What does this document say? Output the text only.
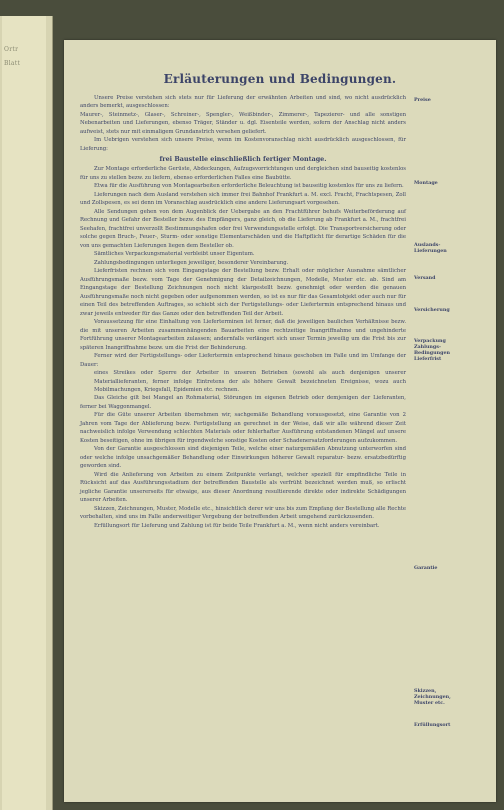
Ortr
Blatt
Erläuterungen und Bedingungen.

Unsere Preise verstehen sich stets nur für Lieferung der erwähnten Arbeiten und sind, wo nicht ausdrücklich anders bemerkt, ausgeschlossen:

Maurer-, Steinmetz-, Glaser-, Schreiner-, Spengler-, Weißbinder-, Zimmerer-, Tapezierer- und alle sonstigen Nebenarbeiten und Lieferungen, ebenso Träger, Ständer u. dgl. Eisenteile werden, sofern der Anschlag nicht anders aufweist, stets nur mit einmaligem Grundanstrich versehen geliefert.

Im Uebrigen verstehen sich unsere Preise, wenn im Kostenvoranschlag nicht ausdrücklich ausgeschlossen, für Lieferung:

frei Baustelle einschließlich fertiger Montage.

Zur Montage erforderliche Gerüste, Abdeckungen, Aufzugsvorrichtungen und dergleichen sind bauseitig kostenlos für uns zu stellen bezw. zu liefern, ebenso erforderlichen Falles eine Baubütte.

Etwa für die Ausführung von Montagearbeiten erforderliche Beleuchtung ist bauseitig kostenlos für uns zu liefern.

Lieferungen nach dem Ausland verstehen sich immer frei Bahnhof Frankfurt a. M. excl. Fracht, Frachtspesen, Zoll und Zollspesen, es sei denn im Voranschlag ausdrücklich eine andere Lieferungsart vorgesehen.

Alle Sendungen gehen von dem Augenblick der Uebergabe an den Frachtführer behufs Weiterbeförderung auf Rechnung und Gefahr der Besteller bezw. des Empfängers, ganz gleich, ob die Lieferung ab Frankfurt a. M., frachtfrei Seehafen, frachtfrei unverzollt Bestimmungshafen oder frei Verwendungsstelle erfolgt. Die Transportversicherung oder solche gegen Bruch-, Feuer-, Sturm- oder sonstige Elementarschäden und die Haftpflicht für derartige Schäden für die von uns gemachten Lieferungen liegen dem Besteller ob.

Sämtliches Verpackungsmaterial verbleibt unser Eigentum.

Zahlungsbedingungen unterliegen jeweiliger, besonderer Vereinbarung.

Lieferfristen rechnen sich vom Eingangstage der Bestellung bezw. Erhalt oder möglicher Ausnahme sämtlicher Ausführungsmaße bezw. vom Tage der Genehmigung der Detailzeichnungen, Modelle, Muster etc. ab. Sind am Eingangstage der Bestellung Zeichnungen noch nicht klargestellt bezw. genehmigt oder werden die genauen Ausführungsmaße noch nicht gegeben oder aufgenommen werden, so ist es nur für das Gesamtobjekt oder auch nur für einen Teil des betreffenden Auftrages, so schiebt sich der Fertigstellungs- oder Liefertermin entsprechend hinaus und zwar jeweils entweder für das Ganze oder den betreffenden Teil der Arbeit.

Voraussetzung für eine Einhaltung von Lieferterminen ist ferner, daß die jeweiligen baulichen Verhältnisse bezw. die mit unseren Arbeiten zusammenhängenden Bauarbeiten eine rechtzeitige Inangriffnahme und ungehinderte Fortführung unserer Montagearbeiten zulassen; andernfalls verlängert sich unser Termin jeweilig um die Frist bis zur späteren Inangriffnahme bezw. um die Frist der Behinderung.

Ferner wird der Fertigstellungs- oder Liefertermin entsprechend hinaus geschoben im Falle und im Umfange der Dauer:

eines Streikes oder Sperre der Arbeiter in unseren Betrieben (sowohl als auch denjenigen unserer Materiallieferanten, ferner infolge Eintretens der als höhere Gewalt bezeichneten Ereignisse, wozu auch Mobilmachungen, Kriegsfall, Epidemien etc. rechnen.

Das Gleiche gilt bei Mangel an Rohmaterial, Störungen im eigenen Betrieb oder demjenigen der Lieferanten, ferner bei Waggonmangel.

Für die Güte unserer Arbeiten übernehmen wir, sachgemäße Behandlung vorausgesetzt, eine Garantie von 2 Jahren vom Tage der Ablieferung bezw. Fertigstellung an gerechnet in der Weise, daß wir alle während dieser Zeit nachweislich infolge Verwendung schlechten Materials oder fehlerhafter Ausführung entstandenen Mängel auf unsere Kosten beseitigen, ohne im übrigen für irgendwelche sonstige Kosten oder Schadenersatzforderungen aufzukommen.

Von der Garantie ausgeschlossen sind diejenigen Teile, welche einer naturgemäßen Abnutzung unterworfen sind oder welche infolge unsachgemäßer Behandlung oder Einwirkungen höherer Gewalt reparatur- bezw. ersatzbedürftig geworden sind.

Wird die Anlieferung von Arbeiten zu einem Zeitpunkte verlangt, welcher speziell für empfindliche Teile in Rücksicht auf das Ausführungsstadium der betreffenden Baustelle als verfrüht bezeichnet werden muß, so erlischt jegliche Garantie unsererseits für etwaige, aus dieser Anordnung resultierende direkte oder indirekte Schädigungen unserer Arbeiten.

Skizzen, Zeichnungen, Muster, Modelle etc., hinsichtlich derer wir uns bis zum Empfang der Bestellung alle Rechte vorbehalten, sind uns im Falle anderweitiger Vergebung der betreffenden Arbeit umgehend zurückzusenden.

Erfüllungsort für Lieferung und Zahlung ist für beide Teile Frankfurt a. M., wenn nicht anders vereinbart.

Preise
Montage
Auslands-
Lieferungen
Versand
Versicherung
Verpackung
Zahlungs-
Bedingungen
Lieferfrist
Garantie
Skizzen,
Zeichnungen,
Muster etc.
Erfüllungsort
